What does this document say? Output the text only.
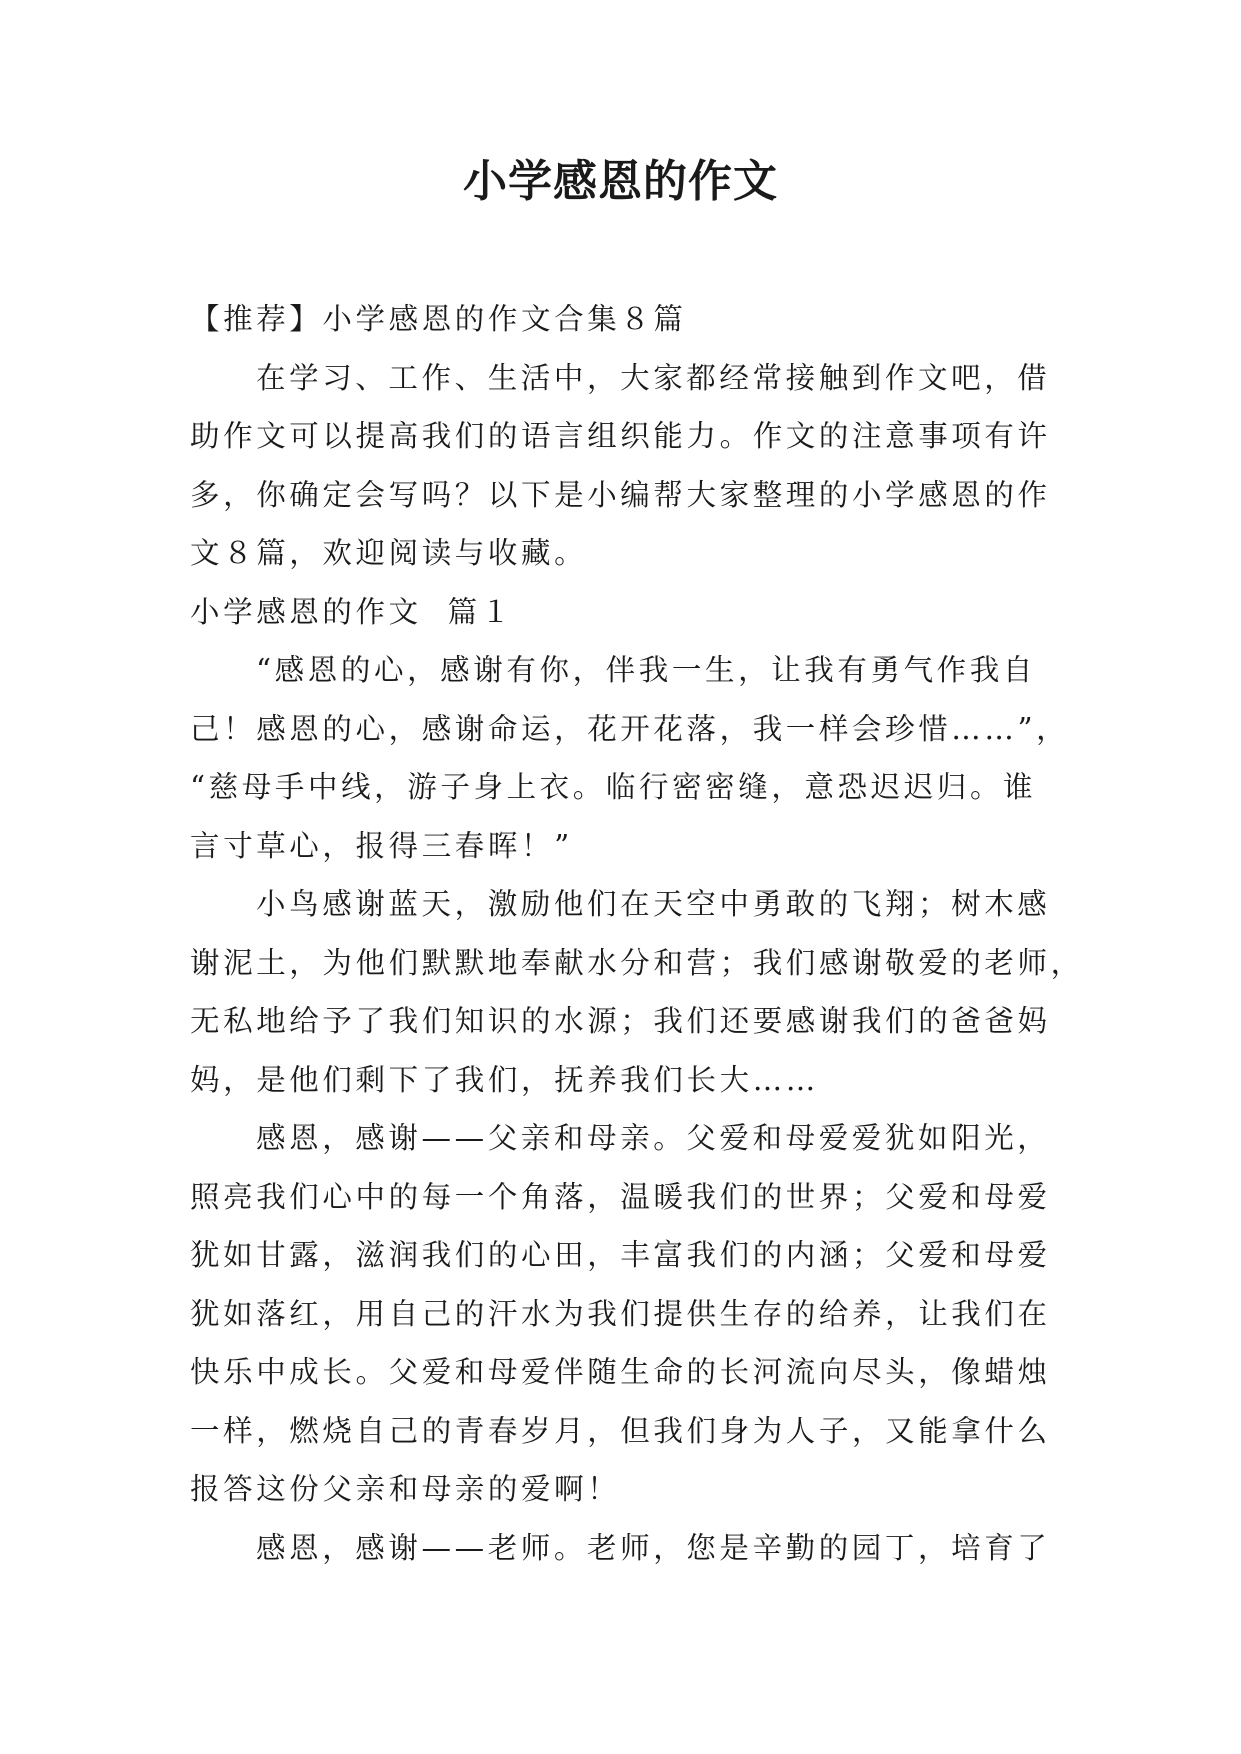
小学感恩的作文
【推荐】小学感恩的作文合集８篇
在学习、工作、生活中，大家都经常接触到作文吧，借
助作文可以提高我们的语言组织能力。作文的注意事项有许
多，你确定会写吗？以下是小编帮大家整理的小学感恩的作
文８篇，欢迎阅读与收藏。
小学感恩的作文  篇１
“感恩的心，感谢有你，伴我一生，让我有勇气作我自
己！感恩的心，感谢命运，花开花落，我一样会珍惜……”，
“慈母手中线，游子身上衣。临行密密缝，意恐迟迟归。谁
言寸草心，报得三春晖！”
小鸟感谢蓝天，激励他们在天空中勇敢的飞翔；树木感
谢泥土，为他们默默地奉献水分和营；我们感谢敬爱的老师，
无私地给予了我们知识的水源；我们还要感谢我们的爸爸妈
妈，是他们剩下了我们，抚养我们长大……
感恩，感谢——父亲和母亲。父爱和母爱爱犹如阳光，
照亮我们心中的每一个角落，温暖我们的世界；父爱和母爱
犹如甘露，滋润我们的心田，丰富我们的内涵；父爱和母爱
犹如落红，用自己的汗水为我们提供生存的给养，让我们在
快乐中成长。父爱和母爱伴随生命的长河流向尽头，像蜡烛
一样，燃烧自己的青春岁月，但我们身为人子，又能拿什么
报答这份父亲和母亲的爱啊！
感恩，感谢——老师。老师，您是辛勤的园丁，培育了
